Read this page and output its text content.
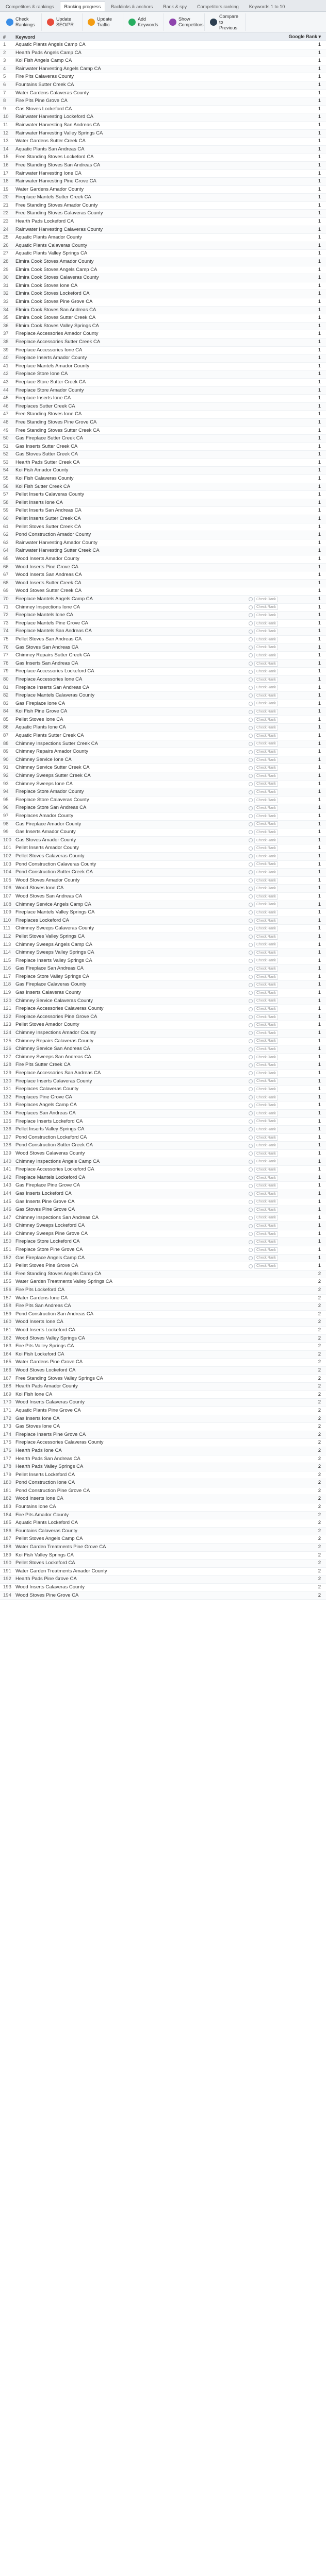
Competitors & rankings	Ranking progress	Backlinks & anchors	Rank & spy	Competitors ranking	Keywords 1 to 10
Check Rankings
Update SEO/PR
Update Traffic
Add Keywords
Show Competitors
Compare to Previous
#	Keyword	Google Rank ▾
1	Aquatic Plants Angels Camp CA	1
2	Hearth Pads Angels Camp CA	1
3	Koi Fish Angels Camp CA	1
4	Rainwater Harvesting Angels Camp CA	1
5	Fire Pits Calaveras County	1
6	Fountains Sutter Creek CA	1
7	Water Gardens Calaveras County	1
8	Fire Pits Pine Grove CA	1
9	Gas Stoves Lockeford CA	1
10	Rainwater Harvesting Lockeford CA	1
11	Rainwater Harvesting San Andreas CA	1
12	Rainwater Harvesting Valley Springs CA	1
13	Water Gardens Sutter Creek CA	1
14	Aquatic Plants San Andreas CA	1
15	Free Standing Stoves Lockeford CA	1
16	Free Standing Stoves San Andreas CA	1
17	Rainwater Harvesting Ione CA	1
18	Rainwater Harvesting Pine Grove CA	1
19	Water Gardens Amador County	1
20	Fireplace Mantels Sutter Creek CA	1
21	Free Standing Stoves Amador County	1
22	Free Standing Stoves Calaveras County	1
23	Hearth Pads Lockeford CA	1
24	Rainwater Harvesting Calaveras County	1
25	Aquatic Plants Amador County	1
26	Aquatic Plants Calaveras County	1
27	Aquatic Plants Valley Springs CA	1
28	Elmira Cook Stoves Amador County	1
29	Elmira Cook Stoves Angels Camp CA	1
30	Elmira Cook Stoves Calaveras County	1
31	Elmira Cook Stoves Ione CA	1
32	Elmira Cook Stoves Lockeford CA	1
33	Elmira Cook Stoves Pine Grove CA	1
34	Elmira Cook Stoves San Andreas CA	1
35	Elmira Cook Stoves Sutter Creek CA	1
36	Elmira Cook Stoves Valley Springs CA	1
37	Fireplace Accessories Amador County	1
38	Fireplace Accessories Sutter Creek CA	1
39	Fireplace Accessories Ione CA	1
40	Fireplace Inserts Amador County	1
41	Fireplace Mantels Amador County	1
42	Fireplace Store Ione CA	1
43	Fireplace Store Sutter Creek CA	1
44	Fireplace Store Amador County	1
45	Fireplace Inserts Ione CA	1
46	Fireplaces Sutter Creek CA	1
47	Free Standing Stoves Ione CA	1
48	Free Standing Stoves Pine Grove CA	1
49	Free Standing Stoves Sutter Creek CA	1
50	Gas Fireplace Sutter Creek CA	1
51	Gas Inserts Sutter Creek CA	1
52	Gas Stoves Sutter Creek CA	1
53	Hearth Pads Sutter Creek CA	1
54	Koi Fish Amador County	1
55	Koi Fish Calaveras County	1
56	Koi Fish Sutter Creek CA	1
57	Pellet Inserts Calaveras County	1
58	Pellet Inserts Ione CA	1
59	Pellet Inserts San Andreas CA	1
60	Pellet Inserts Sutter Creek CA	1
61	Pellet Stoves Sutter Creek CA	1
62	Pond Construction Amador County	1
63	Rainwater Harvesting Amador County	1
64	Rainwater Harvesting Sutter Creek CA	1
65	Wood Inserts Amador County	1
66	Wood Inserts Pine Grove CA	1
67	Wood Inserts San Andreas CA	1
68	Wood Inserts Sutter Creek CA	1
69	Wood Stoves Sutter Creek CA	1
70	Fireplace Mantels Angels Camp CA	Check Rank	1
71	Chimney Inspections Ione CA	Check Rank	1
72	Fireplace Mantels Ione CA	Check Rank	1
73	Fireplace Mantels Pine Grove CA	Check Rank	1
74	Fireplace Mantels San Andreas CA	Check Rank	1
75	Pellet Stoves San Andreas CA	Check Rank	1
76	Gas Stoves San Andreas CA	Check Rank	1
77	Chimney Repairs Sutter Creek CA	Check Rank	1
78	Gas Inserts San Andreas CA	Check Rank	1
79	Fireplace Accessories Lockeford CA	Check Rank	1
80	Fireplace Accessories Ione CA	Check Rank	1
81	Fireplace Inserts San Andreas CA	Check Rank	1
82	Fireplace Mantels Calaveras County	Check Rank	1
83	Gas Fireplace Ione CA	Check Rank	1
84	Koi Fish Pine Grove CA	Check Rank	1
85	Pellet Stoves Ione CA	Check Rank	1
86	Aquatic Plants Ione CA	Check Rank	1
87	Aquatic Plants Sutter Creek CA	Check Rank	1
88	Chimney Inspections Sutter Creek CA	Check Rank	1
89	Chimney Repairs Amador County	Check Rank	1
90	Chimney Service Ione CA	Check Rank	1
91	Chimney Service Sutter Creek CA	Check Rank	1
92	Chimney Sweeps Sutter Creek CA	Check Rank	1
93	Chimney Sweeps Ione CA	Check Rank	1
94	Fireplace Store Amador County	Check Rank	1
95	Fireplace Store Calaveras County	Check Rank	1
96	Fireplace Store San Andreas CA	Check Rank	1
97	Fireplaces Amador County	Check Rank	1
98	Gas Fireplace Amador County	Check Rank	1
99	Gas Inserts Amador County	Check Rank	1
100 Gas Stoves Amador County	Check Rank	1
101 Pellet Inserts Amador County	Check Rank	1
102 Pellet Stoves Calaveras County	Check Rank	1
103 Pond Construction Calaveras County	Check Rank	1
104 Pond Construction Sutter Creek CA	Check Rank	1
105 Wood Stoves Amador County	Check Rank	1
106 Wood Stoves Ione CA	Check Rank	1
107 Wood Stoves San Andreas CA	Check Rank	1
108 Chimney Service Angels Camp CA	Check Rank	1
109 Fireplace Mantels Valley Springs CA	Check Rank	1
110 Fireplaces Lockeford CA	Check Rank	1
111	Chimney Sweeps Calaveras County	Check Rank	1
112 Pellet Stoves Valley Springs CA	Check Rank	1
113 Chimney Sweeps Angels Camp CA	Check Rank	1
114 Chimney Sweeps Valley Springs CA	Check Rank	1
115 Fireplace Inserts Valley Springs CA	Check Rank	1
116 Gas Fireplace San Andreas CA	Check Rank	1
117 Fireplace Store Valley Springs CA	Check Rank	1
118 Gas Fireplace Calaveras County	Check Rank	1
119 Gas Inserts Calaveras County	Check Rank	1
120 Chimney Service Calaveras County	Check Rank	1
121 Fireplace Accessories Calaveras County	Check Rank	1
122 Fireplace Accessories Pine Grove CA	Check Rank	1
123 Pellet Stoves Amador County	Check Rank	1
124 Chimney Inspections Amador County	Check Rank	1
125 Chimney Repairs Calaveras County	Check Rank	1
126 Chimney Service San Andreas CA	Check Rank	1
127 Chimney Sweeps San Andreas CA	Check Rank	1
128 Fire Pits Sutter Creek CA	Check Rank	1
129 Fireplace Accessories San Andreas CA	Check Rank	1
130 Fireplace Inserts Calaveras County	Check Rank	1
131 Fireplaces Calaveras County	Check Rank	1
132 Fireplaces Pine Grove CA	Check Rank	1
133 Fireplaces Angels Camp CA	Check Rank	1
134 Fireplaces San Andreas CA	Check Rank	1
135 Fireplace Inserts Lockeford CA	Check Rank	1
136 Pellet Inserts Valley Springs CA	Check Rank	1
137 Pond Construction Lockeford CA	Check Rank	1
138 Pond Construction Sutter Creek CA	Check Rank	1
139 Wood Stoves Calaveras County	Check Rank	1
140 Chimney Inspections Angels Camp CA	Check Rank	1
141 Fireplace Accessories Lockeford CA	Check Rank	1
142 Fireplace Mantels Lockeford CA	Check Rank	1
143 Gas Fireplace Pine Grove CA	Check Rank	1
144 Gas Inserts Lockeford CA	Check Rank	1
145 Gas Inserts Pine Grove CA	Check Rank	1
146 Gas Stoves Pine Grove CA	Check Rank	1
147 Chimney Inspections San Andreas CA	Check Rank	1
148 Chimney Sweeps Lockeford CA	Check Rank	1
149 Chimney Sweeps Pine Grove CA	Check Rank	1
150 Fireplace Store Lockeford CA	Check Rank	1
151 Fireplace Store Pine Grove CA	Check Rank	1
152 Gas Fireplace Angels Camp CA	Check Rank	1
153 Pellet Stoves Pine Grove CA	Check Rank	1
154 Free Standing Stoves Angels Camp CA	2
155 Water Garden Treatments Valley Springs CA	2
156 Fire Pits Lockeford CA	2
157 Water Gardens Ione CA	2
158 Fire Pits San Andreas CA	2
159 Pond Construction San Andreas CA	2
160 Wood Inserts Ione CA	2
161 Wood Inserts Lockeford CA	2
162 Wood Stoves Valley Springs CA	2
163 Fire Pits Valley Springs CA	2
164 Koi Fish Lockeford CA	2
165 Water Gardens Pine Grove CA	2
166 Wood Stoves Lockeford CA	2
167 Free Standing Stoves Valley Springs CA	2
168 Hearth Pads Amador County	2
169 Koi Fish Ione CA	2
170 Wood Inserts Calaveras County	2
171 Aquatic Plants Pine Grove CA	2
172 Gas Inserts Ione CA	2
173 Gas Stoves Ione CA	2
174 Fireplace Inserts Pine Grove CA	2
175 Fireplace Accessories Calaveras County	2
176 Hearth Pads Ione CA	2
177 Hearth Pads San Andreas CA	2
178 Hearth Pads Valley Springs CA	2
179 Pellet Inserts Lockeford CA	2
180 Pond Construction Ione CA	2
181 Pond Construction Pine Grove CA	2
182 Wood Inserts Ione CA	2
183 Fountains Ione CA	2
184 Fire Pits Amador County	2
185 Aquatic Plants Lockeford CA	2
186 Fountains Calaveras County	2
187 Pellet Stoves Angels Camp CA	2
188 Water Garden Treatments Pine Grove CA	2
189 Koi Fish Valley Springs CA	2
190 Pellet Stoves Lockeford CA	2
191 Water Garden Treatments Amador County	2
192 Hearth Pads Pine Grove CA	2
193 Wood Inserts Calaveras County	2
194 Wood Stoves Pine Grove CA	2
